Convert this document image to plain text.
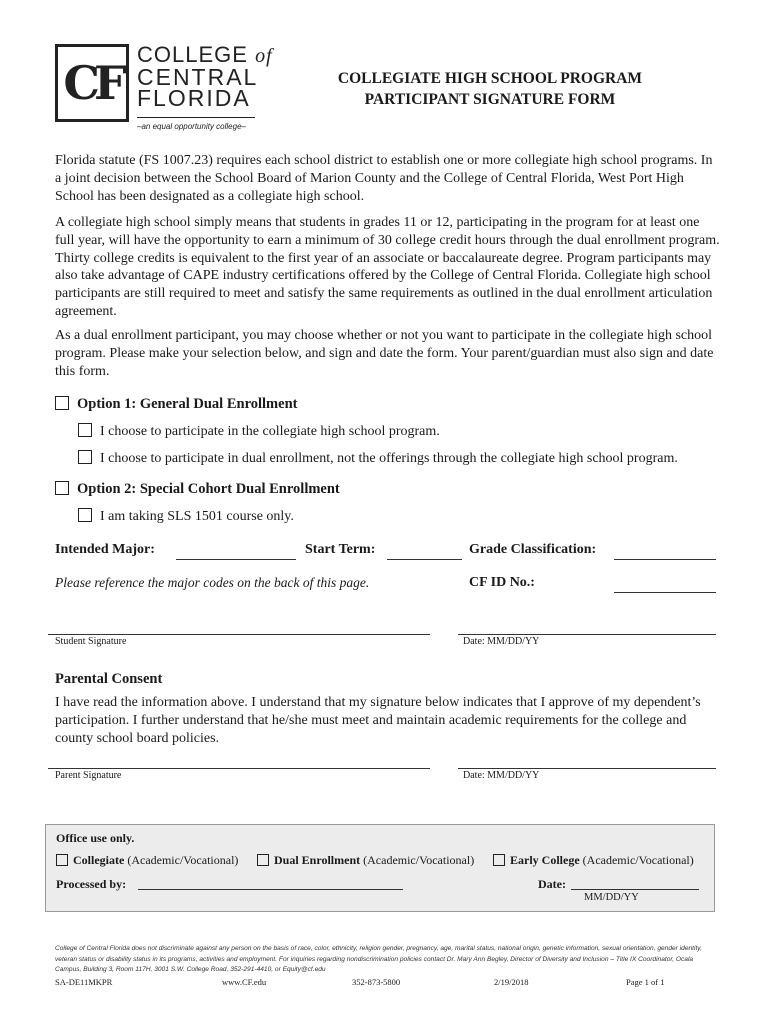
CF
COLLEGE of
CENTRAL
FLORIDA
–an equal opportunity college–
COLLEGIATE HIGH SCHOOL PROGRAM
PARTICIPANT SIGNATURE FORM
Florida statute (FS 1007.23) requires each school district to establish one or more collegiate high school programs. In a joint decision between the School Board of Marion County and the College of Central Florida, West Port High School has been designated as a collegiate high school.
A collegiate high school simply means that students in grades 11 or 12, participating in the program for at least one full year, will have the opportunity to earn a minimum of 30 college credit hours through the dual enrollment program. Thirty college credits is equivalent to the first year of an associate or baccalaureate degree. Program participants may also take advantage of CAPE industry certifications offered by the College of Central Florida. Collegiate high school participants are still required to meet and satisfy the same requirements as outlined in the dual enrollment articulation agreement.
As a dual enrollment participant, you may choose whether or not you want to participate in the collegiate high school program. Please make your selection below, and sign and date the form. Your parent/guardian must also sign and date this form.
Option 1: General Dual Enrollment
I choose to participate in the collegiate high school program.
I choose to participate in dual enrollment, not the offerings through the collegiate high school program.
Option 2: Special Cohort Dual Enrollment
I am taking SLS 1501 course only.
Intended Major:	Start Term:	Grade Classification:
Please reference the major codes on the back of this page.	CF ID No.:
Student Signature	Date: MM/DD/YY
Parental Consent
I have read the information above. I understand that my signature below indicates that I approve of my dependent’s participation. I further understand that he/she must meet and maintain academic requirements for the college and county school board policies.
Parent Signature	Date: MM/DD/YY
Office use only.
Collegiate (Academic/Vocational)	Dual Enrollment (Academic/Vocational)	Early College (Academic/Vocational)
Processed by:	Date:
MM/DD/YY
College of Central Florida does not discriminate against any person on the basis of race, color, ethnicity, religion gender, pregnancy, age, marital status, national origin, genetic information, sexual orientation, gender identity, veteran status or disability status in its programs, activities and employment. For inquiries regarding nondiscrimination policies contact Dr. Mary Ann Begley, Director of Diversity and Inclusion – Title IX Coordinator, Ocala Campus, Building 3, Room 117H, 3001 S.W. College Road, 352-291-4410, or Equity@cf.edu
SA-DE11MKPR	www.CF.edu	352-873-5800	2/19/2018	Page 1 of 1
